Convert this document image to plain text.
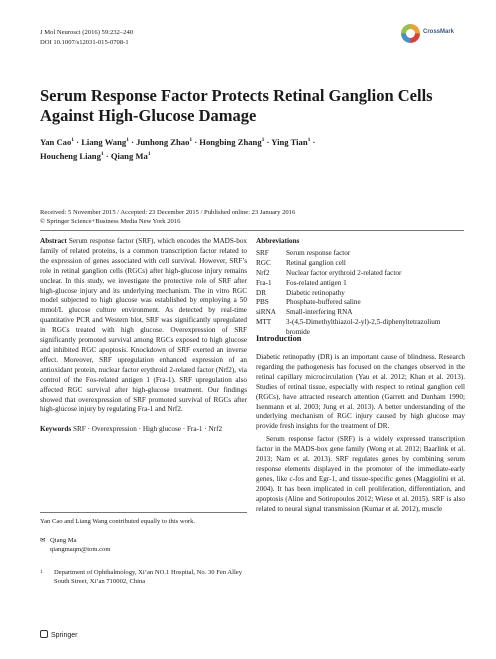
J Mol Neurosci (2016) 59:232–240
DOI 10.1007/s12031-015-0708-1
CrossMark
Serum Response Factor Protects Retinal Ganglion Cells Against High-Glucose Damage
Yan Cao$^1$ · Liang Wang$^1$ · Junhong Zhao$^1$ · Hongbing Zhang$^1$ · Ying Tian$^1$ ·
Houcheng Liang$^1$ · Qiang Ma$^1$
Received: 5 November 2015 / Accepted: 23 December 2015 / Published online: 23 January 2016
© Springer Science+Business Media New York 2016

Abstract Serum response factor (SRF), which encodes the MADS-box family of related proteins, is a common transcription factor related to the expression of genes associated with cell survival. However, SRF’s role in retinal ganglion cells (RGCs) after high-glucose injury remains unclear. In this study, we investigate the protective role of SRF after high-glucose injury and its underlying mechanism. The in vitro RGC model subjected to high glucose was established by employing a 50 mmol/L glucose culture environment. As detected by real-time quantitative PCR and Western blot, SRF was significantly upregulated in RGCs treated with high glucose. Overexpression of SRF significantly promoted survival among RGCs exposed to high glucose and inhibited RGC apoptosis. Knockdown of SRF exerted an inverse effect. Moreover, SRF upregulation enhanced expression of an antioxidant protein, nuclear factor erythroid 2-related factor (Nrf2), via control of the Fos-related antigen 1 (Fra-1). SRF upregulation also affected RGC survival after high-glucose treatment. Our findings showed that overexpression of SRF promoted survival of RGCs after high-glucose injury by regulating Fra-1 and Nrf2.

Keywords SRF · Overexpression · High glucose · Fra-1 · Nrf2

Yan Cao and Liang Wang contributed equally to this work.
✉ Qiang Ma
qiangmaqm@tom.com
1	Department of Ophthalmology, Xi’an NO.1 Hospital, No. 30 Fen Alley South Street, Xi’an 710002, China
Springer
Abbreviations
SRF	Serum response factor
RGC	Retinal ganglion cell
Nrf2	Nuclear factor erythroid 2-related factor
Fra-1	Fos-related antigen 1
DR	Diabetic retinopathy
PBS	Phosphate-buffered saline
siRNA	Small-interfering RNA
MTT	3-(4,5-Dimethylthiazol-2-yl)-2,5-diphenyltetrazolium bromide
Introduction

Diabetic retinopathy (DR) is an important cause of blindness. Research regarding the pathogenesis has focused on the changes observed in the retinal capillary microcirculation (Yau et al. 2012; Khan et al. 2013). Studies of retinal tissue, especially with respect to retinal ganglion cell (RGCs), have attracted research attention (Garrett and Dunham 1990; Isenmann et al. 2003; Jung et al. 2013). A better understanding of the underlying mechanism of RGC injury caused by high glucose may provide fresh insights for the treatment of DR.

Serum response factor (SRF) is a widely expressed transcription factor in the MADS-box gene family (Wong et al. 2012; Baarlink et al. 2013; Nam et al. 2013). SRF regulates genes by combining serum response elements displayed in the promoter of the immediate-early genes, like c-fos and Egr-1, and tissue-specific genes (Maggiolini et al. 2004). It has been implicated in cell proliferation, differentiation, and apoptosis (Aline and Sotiropoulos 2012; Wiese et al. 2015). SRF is also related to neural signal transmission (Kumar et al. 2012), muscle
